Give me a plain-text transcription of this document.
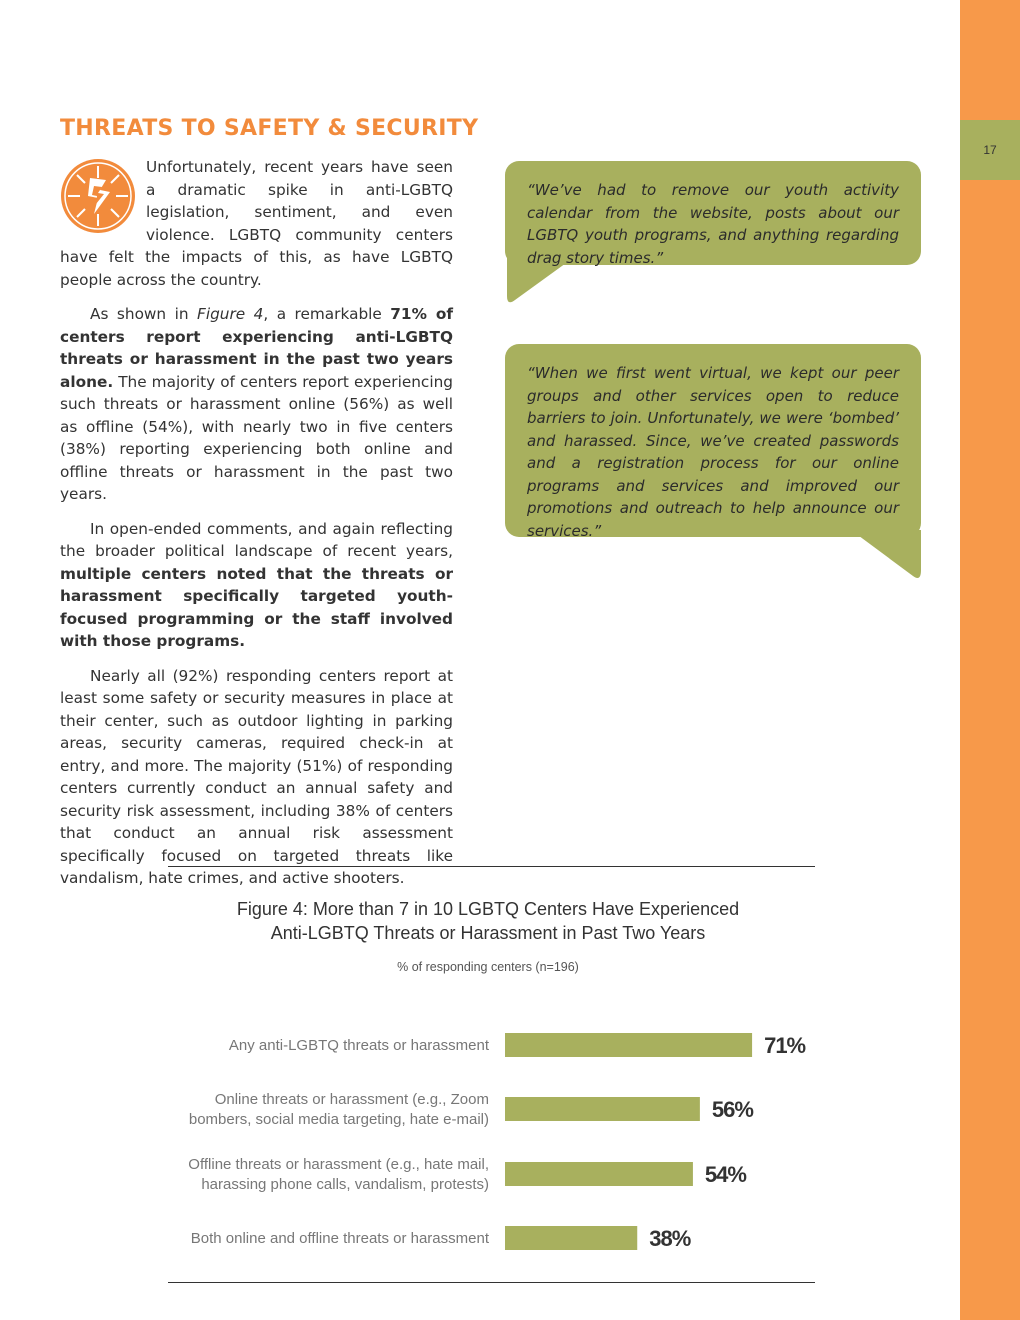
17
THREATS TO SAFETY & SECURITY

Unfortunately, recent years have seen a dramatic spike in anti-LGBTQ legislation, sentiment, and even violence. LGBTQ community centers have felt the impacts of this, as have LGBTQ people across the country.

As shown in Figure 4, a remarkable 71% of centers report experiencing anti-LGBTQ threats or harassment in the past two years alone. The majority of centers report experiencing such threats or harassment online (56%) as well as offline (54%), with nearly two in five centers (38%) reporting experiencing both online and offline threats or harassment in the past two years.

In open-ended comments, and again reflecting the broader political landscape of recent years, multiple centers noted that the threats or harassment specifically targeted youth-focused programming or the staff involved with those programs.

Nearly all (92%) responding centers report at least some safety or security measures in place at their center, such as outdoor lighting in parking areas, security cameras, required check-in at entry, and more. The majority (51%) of responding centers currently conduct an annual safety and security risk assessment, including 38% of centers that conduct an annual risk assessment specifically focused on targeted threats like vandalism, hate crimes, and active shooters.

“We’ve had to remove our youth activity calendar from the website, posts about our LGBTQ youth programs, and anything regarding drag story times.”
“When we first went virtual, we kept our peer groups and other services open to reduce barriers to join. Unfortunately, we were ‘bombed’ and harassed. Since, we’ve created passwords and a registration process for our online programs and services and improved our promotions and outreach to help announce our services.”
Figure 4: More than 7 in 10 LGBTQ Centers Have Experienced
Anti-LGBTQ Threats or Harassment in Past Two Years
% of responding centers (n=196)
71%
Any anti-LGBTQ threats or harassment
56%
Online threats or harassment (e.g., Zoom
bombers, social media targeting, hate e-mail)
54%
Offline threats or harassment (e.g., hate mail,
harassing phone calls, vandalism, protests)
38%
Both online and offline threats or harassment
